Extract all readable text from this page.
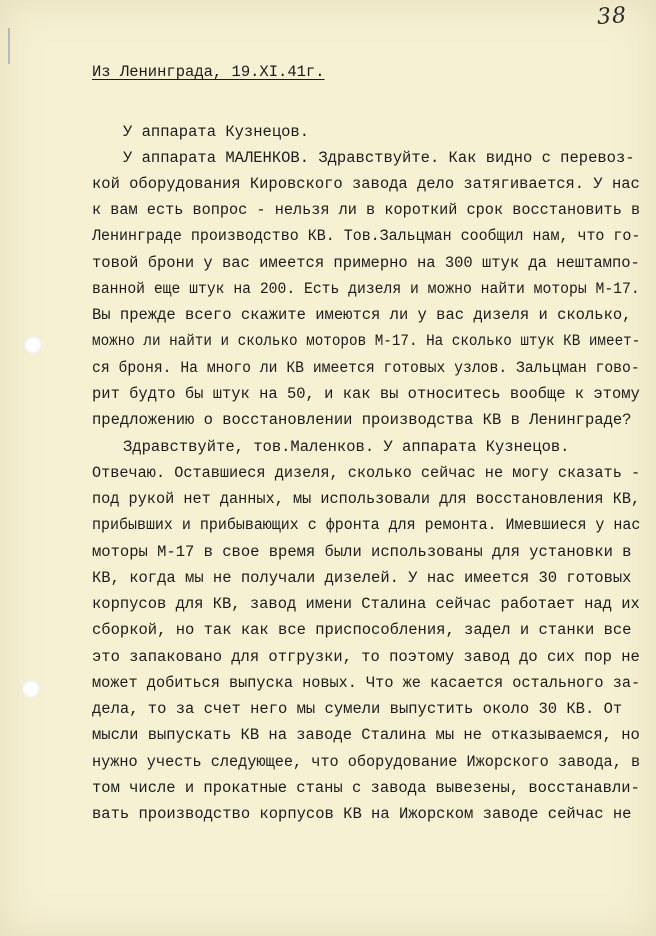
38
Из Ленинграда, 19.XI.41г.
У аппарата Кузнецов.
У аппарата МАЛЕНКОВ. Здравствуйте. Как видно с перевоз-
кой оборудования Кировского завода дело затягивается. У нас
к вам есть вопрос - нельзя ли в короткий срок восстановить в
Ленинграде производство КВ. Тов.Зальцман сообщил нам, что го-
товой брони у вас имеется примерно на 300 штук да нештампо-
ванной еще штук на 200. Есть дизеля и можно найти моторы М-17.
Вы прежде всего скажите имеются ли у вас дизеля и сколько,
можно ли найти и сколько моторов М-17. На сколько штук КВ имеет-
ся броня. На много ли КВ имеется готовых узлов. Зальцман гово-
рит будто бы штук на 50, и как вы относитесь вообще к этому
предложению о восстановлении производства КВ в Ленинграде?
Здравствуйте, тов.Маленков. У аппарата Кузнецов.
Отвечаю. Оставшиеся дизеля, сколько сейчас не могу сказать -
под рукой нет данных, мы использовали для восстановления КВ,
прибывших и прибывающих с фронта для ремонта. Имевшиеся у нас
моторы М-17 в свое время были использованы для установки в
КВ, когда мы не получали дизелей. У нас имеется 30 готовых
корпусов для КВ, завод имени Сталина сейчас работает над их
сборкой, но так как все приспособления, задел и станки все
это запаковано для отгрузки, то поэтому завод до сих пор не
может добиться выпуска новых. Что же касается остального за-
дела, то за счет него мы сумели выпустить около 30 КВ. От
мысли выпускать КВ на заводе Сталина мы не отказываемся, но
нужно учесть следующее, что оборудование Ижорского завода, в
том числе и прокатные станы с завода вывезены, восстанавли-
вать производство корпусов КВ на Ижорском заводе сейчас не
